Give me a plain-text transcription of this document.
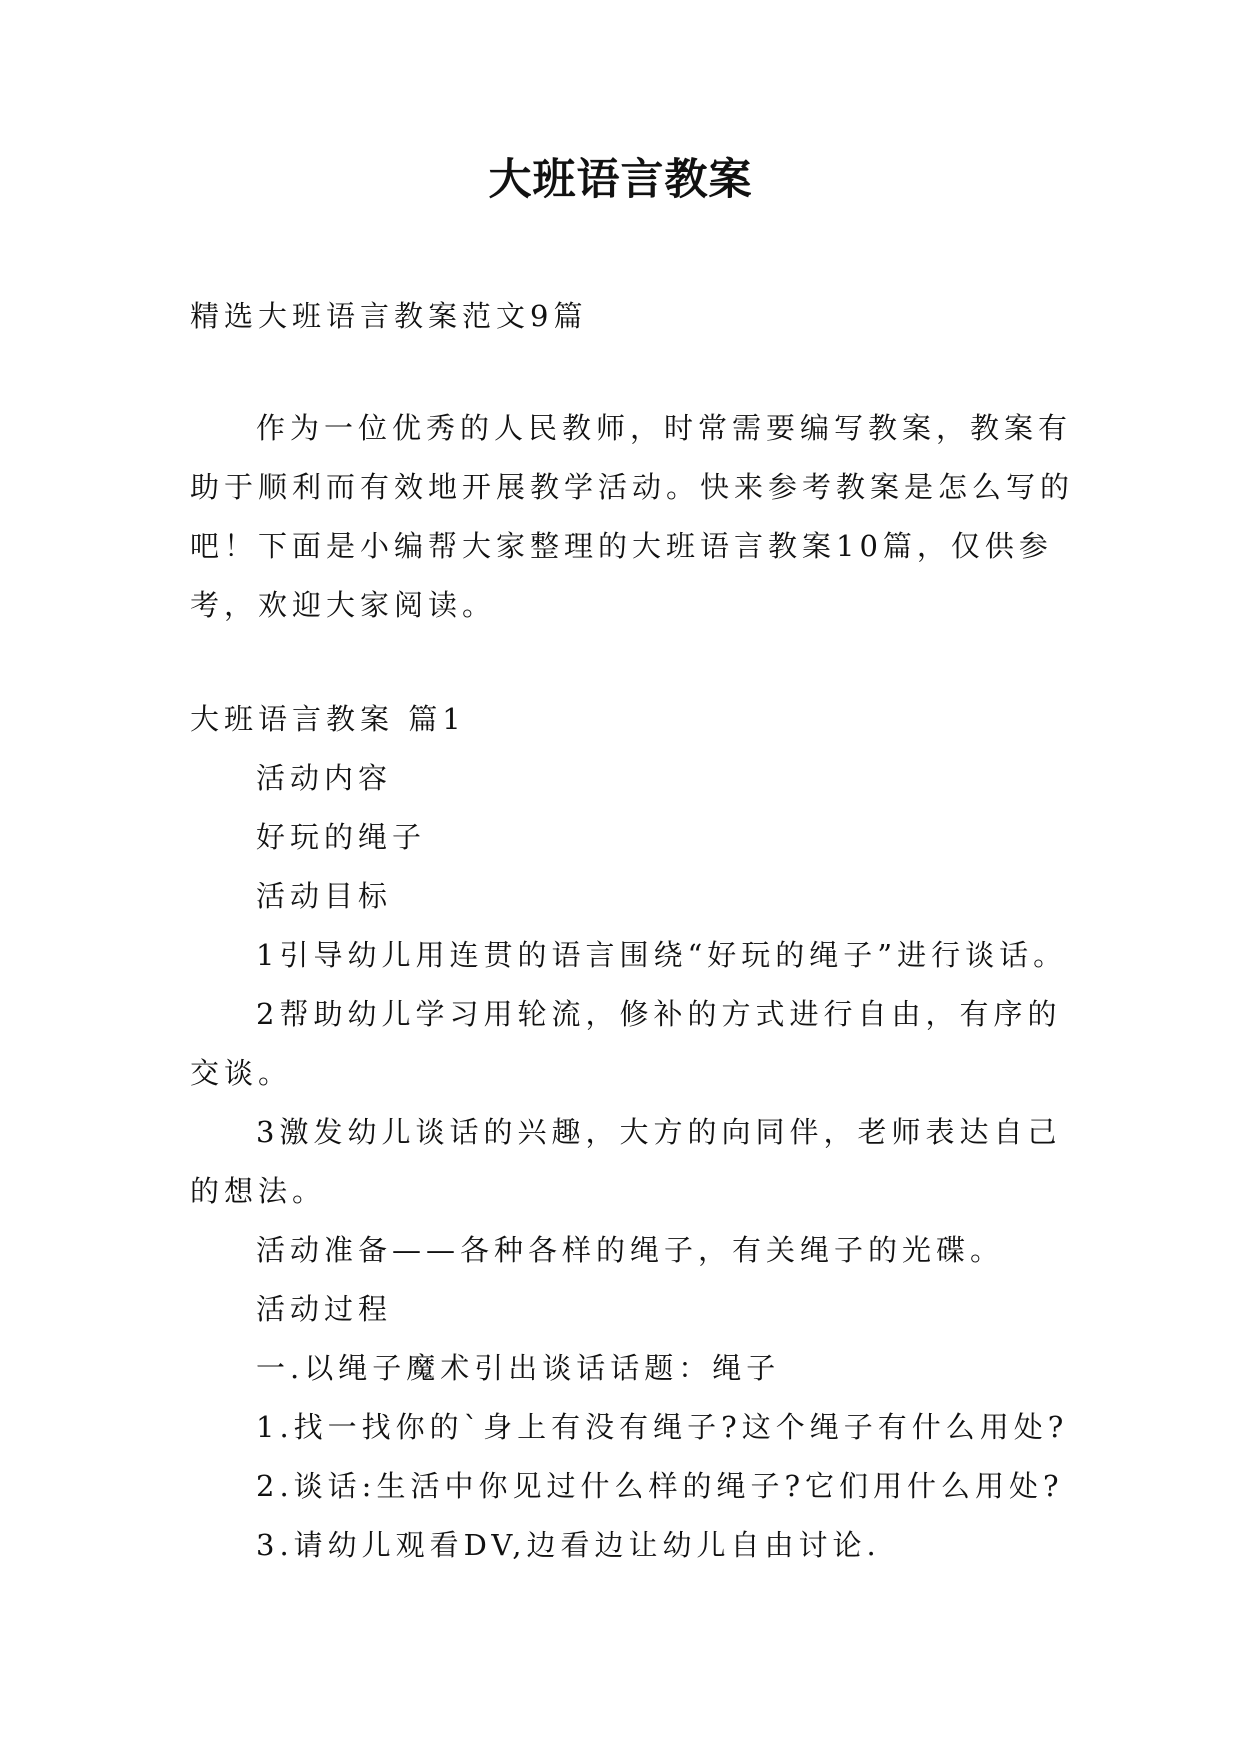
大班语言教案
精选大班语言教案范文9篇
作为一位优秀的人民教师，时常需要编写教案，教案有
助于顺利而有效地开展教学活动。快来参考教案是怎么写的
吧！下面是小编帮大家整理的大班语言教案10篇，仅供参
考，欢迎大家阅读。
大班语言教案 篇1
活动内容
好玩的绳子
活动目标
1引导幼儿用连贯的语言围绕“好玩的绳子”进行谈话。
2帮助幼儿学习用轮流，修补的方式进行自由，有序的
交谈。
3激发幼儿谈话的兴趣，大方的向同伴，老师表达自己
的想法。
活动准备——各种各样的绳子，有关绳子的光碟。
活动过程
一.以绳子魔术引出谈话话题：绳子
1.找一找你的`身上有没有绳子?这个绳子有什么用处?
2.谈话:生活中你见过什么样的绳子?它们用什么用处?
3.请幼儿观看DV,边看边让幼儿自由讨论.
